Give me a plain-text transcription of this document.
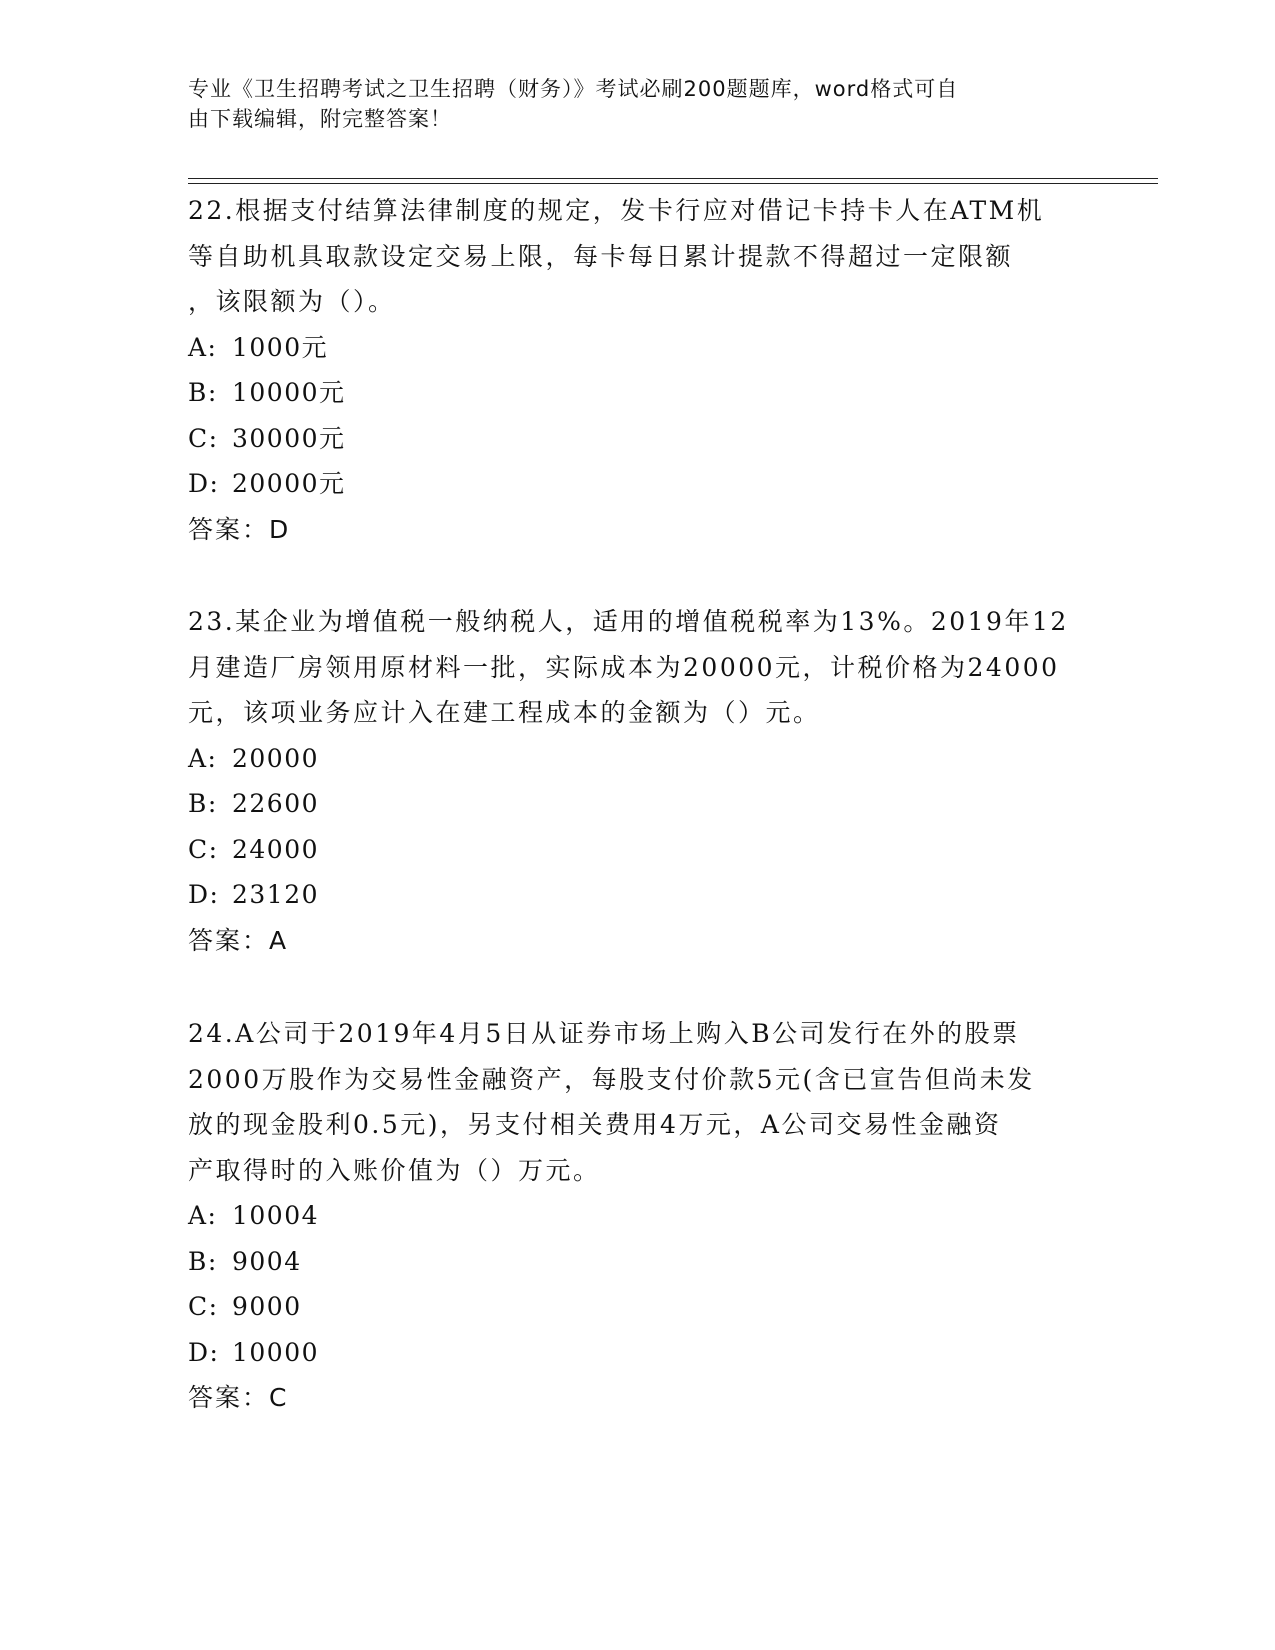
专业《卫生招聘考试之卫生招聘（财务）》考试必刷200题题库，word格式可自
由下载编辑，附完整答案！
22.根据支付结算法律制度的规定，发卡行应对借记卡持卡人在ATM机
等自助机具取款设定交易上限，每卡每日累计提款不得超过一定限额
，该限额为（）。
A: 1000元
B: 10000元
C: 30000元
D: 20000元
答案：D
23.某企业为增值税一般纳税人，适用的增值税税率为13%。2019年12
月建造厂房领用原材料一批，实际成本为20000元，计税价格为24000
元，该项业务应计入在建工程成本的金额为（）元。
A: 20000
B: 22600
C: 24000
D: 23120
答案：A
24.A公司于2019年4月5日从证券市场上购入B公司发行在外的股票
2000万股作为交易性金融资产，每股支付价款5元(含已宣告但尚未发
放的现金股利0.5元)，另支付相关费用4万元，A公司交易性金融资
产取得时的入账价值为（）万元。
A: 10004
B: 9004
C: 9000
D: 10000
答案：C
